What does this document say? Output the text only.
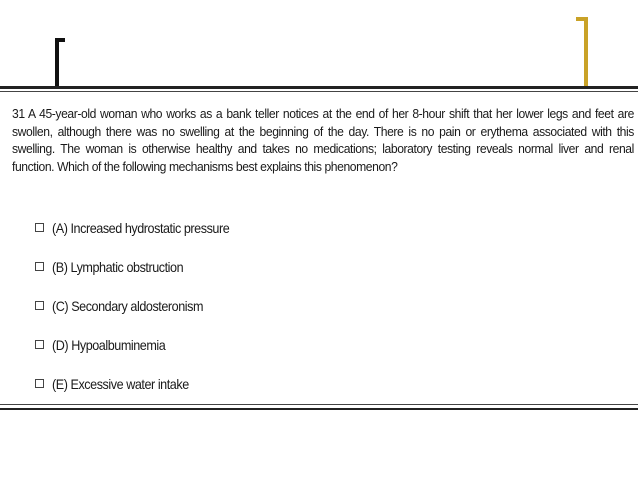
31 A 45-year-old woman who works as a bank teller notices at the end of her 8-hour shift that her lower legs and feet are swollen, although there was no swelling at the beginning of the day. There is no pain or erythema associated with this swelling. The woman is otherwise healthy and takes no medications; laboratory testing reveals normal liver and renal function. Which of the following mechanisms best explains this phenomenon?
(A) Increased hydrostatic pressure
(B) Lymphatic obstruction
(C) Secondary aldosteronism
(D) Hypoalbuminemia
(E) Excessive water intake
